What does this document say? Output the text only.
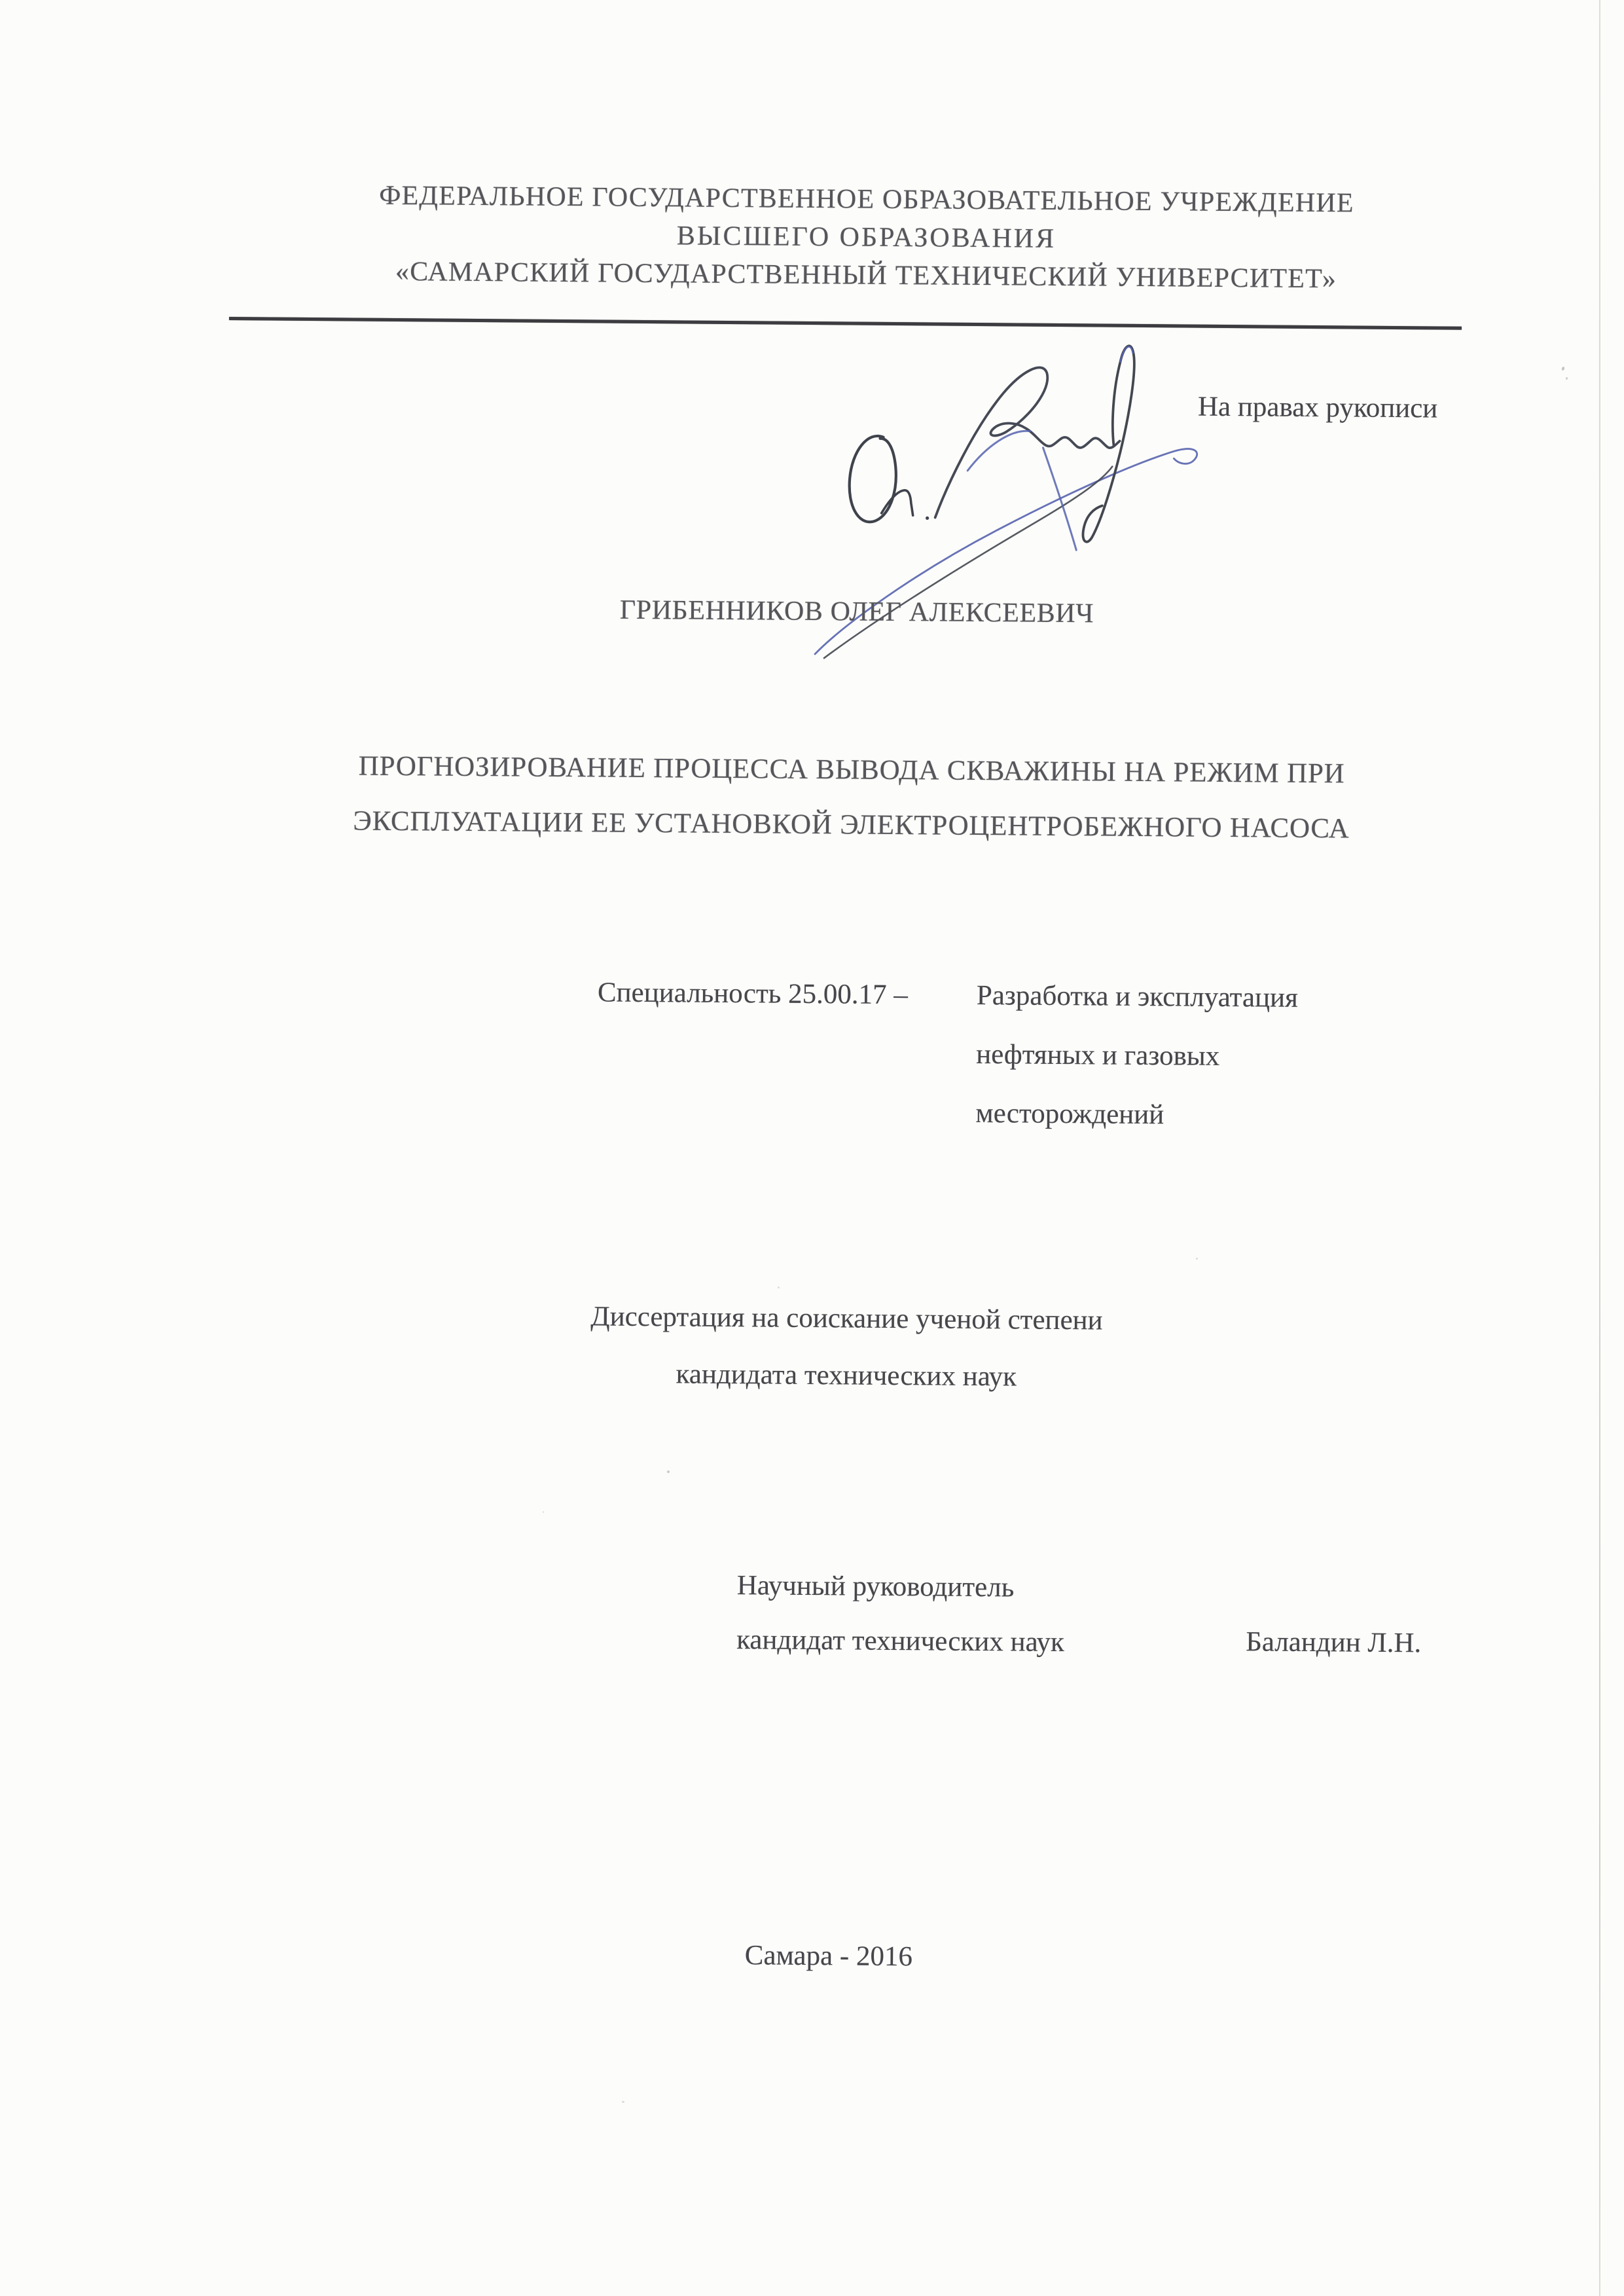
ФЕДЕРАЛЬНОЕ ГОСУДАРСТВЕННОЕ ОБРАЗОВАТЕЛЬНОЕ УЧРЕЖДЕНИЕ
ВЫСШЕГО ОБРАЗОВАНИЯ
«САМАРСКИЙ ГОСУДАРСТВЕННЫЙ ТЕХНИЧЕСКИЙ УНИВЕРСИТЕТ»
На правах рукописи
ГРИБЕННИКОВ ОЛЕГ АЛЕКСЕЕВИЧ
ПРОГНОЗИРОВАНИЕ ПРОЦЕССА ВЫВОДА СКВАЖИНЫ НА РЕЖИМ ПРИ
ЭКСПЛУАТАЦИИ ЕЕ УСТАНОВКОЙ ЭЛЕКТРОЦЕНТРОБЕЖНОГО НАСОСА
Специальность 25.00.17 – Разработка и эксплуатация
нефтяных и газовых
месторождений
Диссертация на соискание ученой степени
кандидата технических наук
Научный руководитель
кандидат технических наук	Баландин Л.Н.
Самара - 2016
